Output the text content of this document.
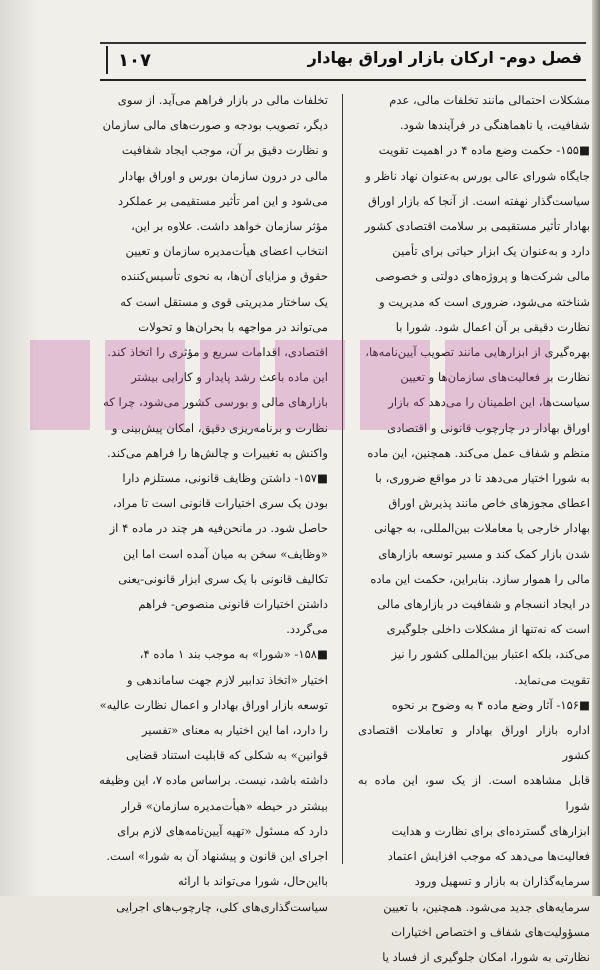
فصل دوم- ارکان بازار اوراق بهادار
۱۰۷

مشکلات احتمالی مانند تخلفات مالی، عدم

شفافیت، یا ناهماهنگی در فرآیندها شود.

■۱۵۵- حکمت وضع ماده ۴ در اهمیت تقویت

جایگاه شورای عالی بورس به‌عنوان نهاد ناظر و

سیاست‌گذار نهفته است. از آنجا که بازار اوراق

بهادار تأثیر مستقیمی بر سلامت اقتصادی کشور

دارد و به‌عنوان یک ابزار حیاتی برای تأمین

مالی شرکت‌ها و پروژه‌های دولتی و خصوصی

شناخته می‌شود، ضروری است که مدیریت و

نظارت دقیقی بر آن اعمال شود. شورا با

بهره‌گیری از ابزارهایی مانند تصویب آیین‌نامه‌ها،

نظارت بر فعالیت‌های سازمان‌ها و تعیین

سیاست‌ها، این اطمینان را می‌دهد که بازار

اوراق بهادار در چارچوب قانونی و اقتصادی

منظم و شفاف عمل می‌کند. همچنین، این ماده

به شورا اختیار می‌دهد تا در مواقع ضروری، با

اعطای مجوزهای خاص مانند پذیرش اوراق

بهادار خارجی یا معاملات بین‌المللی، به جهانی

شدن بازار کمک کند و مسیر توسعه بازارهای

مالی را هموار سازد. بنابراین، حکمت این ماده

در ایجاد انسجام و شفافیت در بازارهای مالی

است که نه‌تنها از مشکلات داخلی جلوگیری

می‌کند، بلکه اعتبار بین‌المللی کشور را نیز

تقویت می‌نماید.

■۱۵۶- آثار وضع ماده ۴ به وضوح بر نحوه

اداره بازار اوراق بهادار و تعاملات اقتصادی کشور

قابل مشاهده است. از یک سو، این ماده به شورا

ابزارهای گسترده‌ای برای نظارت و هدایت

فعالیت‌ها می‌دهد که موجب افزایش اعتماد

سرمایه‌گذاران به بازار و تسهیل ورود

سرمایه‌های جدید می‌شود. همچنین، با تعیین

مسؤولیت‌های شفاف و اختصاص اختیارات

نظارتی به شورا، امکان جلوگیری از فساد یا

تخلفات مالی در بازار فراهم می‌آید. از سوی

دیگر، تصویب بودجه و صورت‌های مالی سازمان

و نظارت دقیق بر آن، موجب ایجاد شفافیت

مالی در درون سازمان بورس و اوراق بهادار

می‌شود و این امر تأثیر مستقیمی بر عملکرد

مؤثر سازمان خواهد داشت. علاوه بر این،

انتخاب اعضای هیأت‌مدیره سازمان و تعیین

حقوق و مزایای آن‌ها، به نحوی تأسیس‌کننده

یک ساختار مدیریتی قوی و مستقل است که

می‌تواند در مواجهه با بحران‌ها و تحولات

اقتصادی، اقدامات سریع و مؤثری را اتخاذ کند.

این ماده باعث رشد پایدار و کارایی بیشتر

بازارهای مالی و بورسی کشور می‌شود، چرا که

نظارت و برنامه‌ریزی دقیق، امکان پیش‌بینی و

واکنش به تغییرات و چالش‌ها را فراهم می‌کند.

■۱۵۷- داشتن وظایف قانونی، مستلزم دارا

بودن یک سری اختیارات قانونی است تا مراد،

حاصل شود. در مانحن‌فیه هر چند در ماده ۴ از

«وظایف» سخن به میان آمده است اما این

تکالیف قانونی با یک سری ابزار قانونی-یعنی

داشتن اختیارات قانونی منصوص- فراهم

می‌گردد.

■۱۵۸- «شورا» به موجب بند ۱ ماده ۴،

اختیار «اتخاذ تدابیر لازم جهت ساماندهی و

توسعه بازار اوراق بهادار و اعمال نظارت عالیه»

را دارد، اما این اختیار به معنای «تفسیر

قوانین» به شکلی که قابلیت استناد قضایی

داشته باشد، نیست. براساس ماده ۷، این وظیفه

بیشتر در حیطه «هیأت‌مدیره سازمان» قرار

دارد که مسئول «تهیه آیین‌نامه‌های لازم برای

اجرای این قانون و پیشنهاد آن به شورا» است.

بااین‌حال، شورا می‌تواند با ارائه

سیاست‌گذاری‌های کلی، چارچوب‌های اجرایی
